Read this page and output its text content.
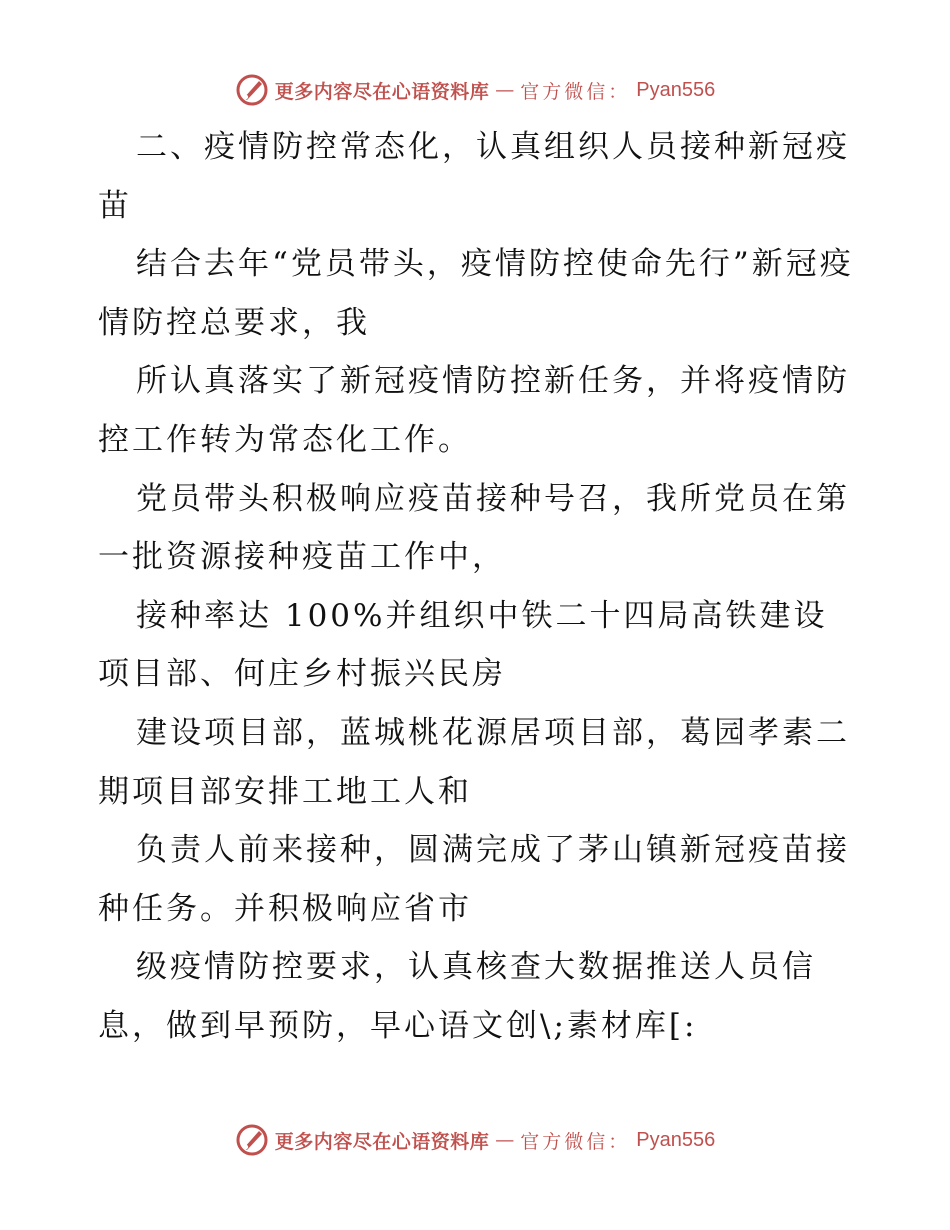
更多内容尽在心语资料库 — 官方微信： Pyan556

二、疫情防控常态化，认真组织人员接种新冠疫苗

结合去年“党员带头，疫情防控使命先行”新冠疫情防控总要求，我

所认真落实了新冠疫情防控新任务，并将疫情防控工作转为常态化工作。

党员带头积极响应疫苗接种号召，我所党员在第一批资源接种疫苗工作中，

接种率达 100%并组织中铁二十四局高铁建设项目部、何庄乡村振兴民房

建设项目部，蓝城桃花源居项目部，葛园孝素二期项目部安排工地工人和

负责人前来接种，圆满完成了茅山镇新冠疫苗接种任务。并积极响应省市

级疫情防控要求，认真核查大数据推送人员信息，做到早预防，早心语文创\;素材库[:

更多内容尽在心语资料库 — 官方微信： Pyan556
